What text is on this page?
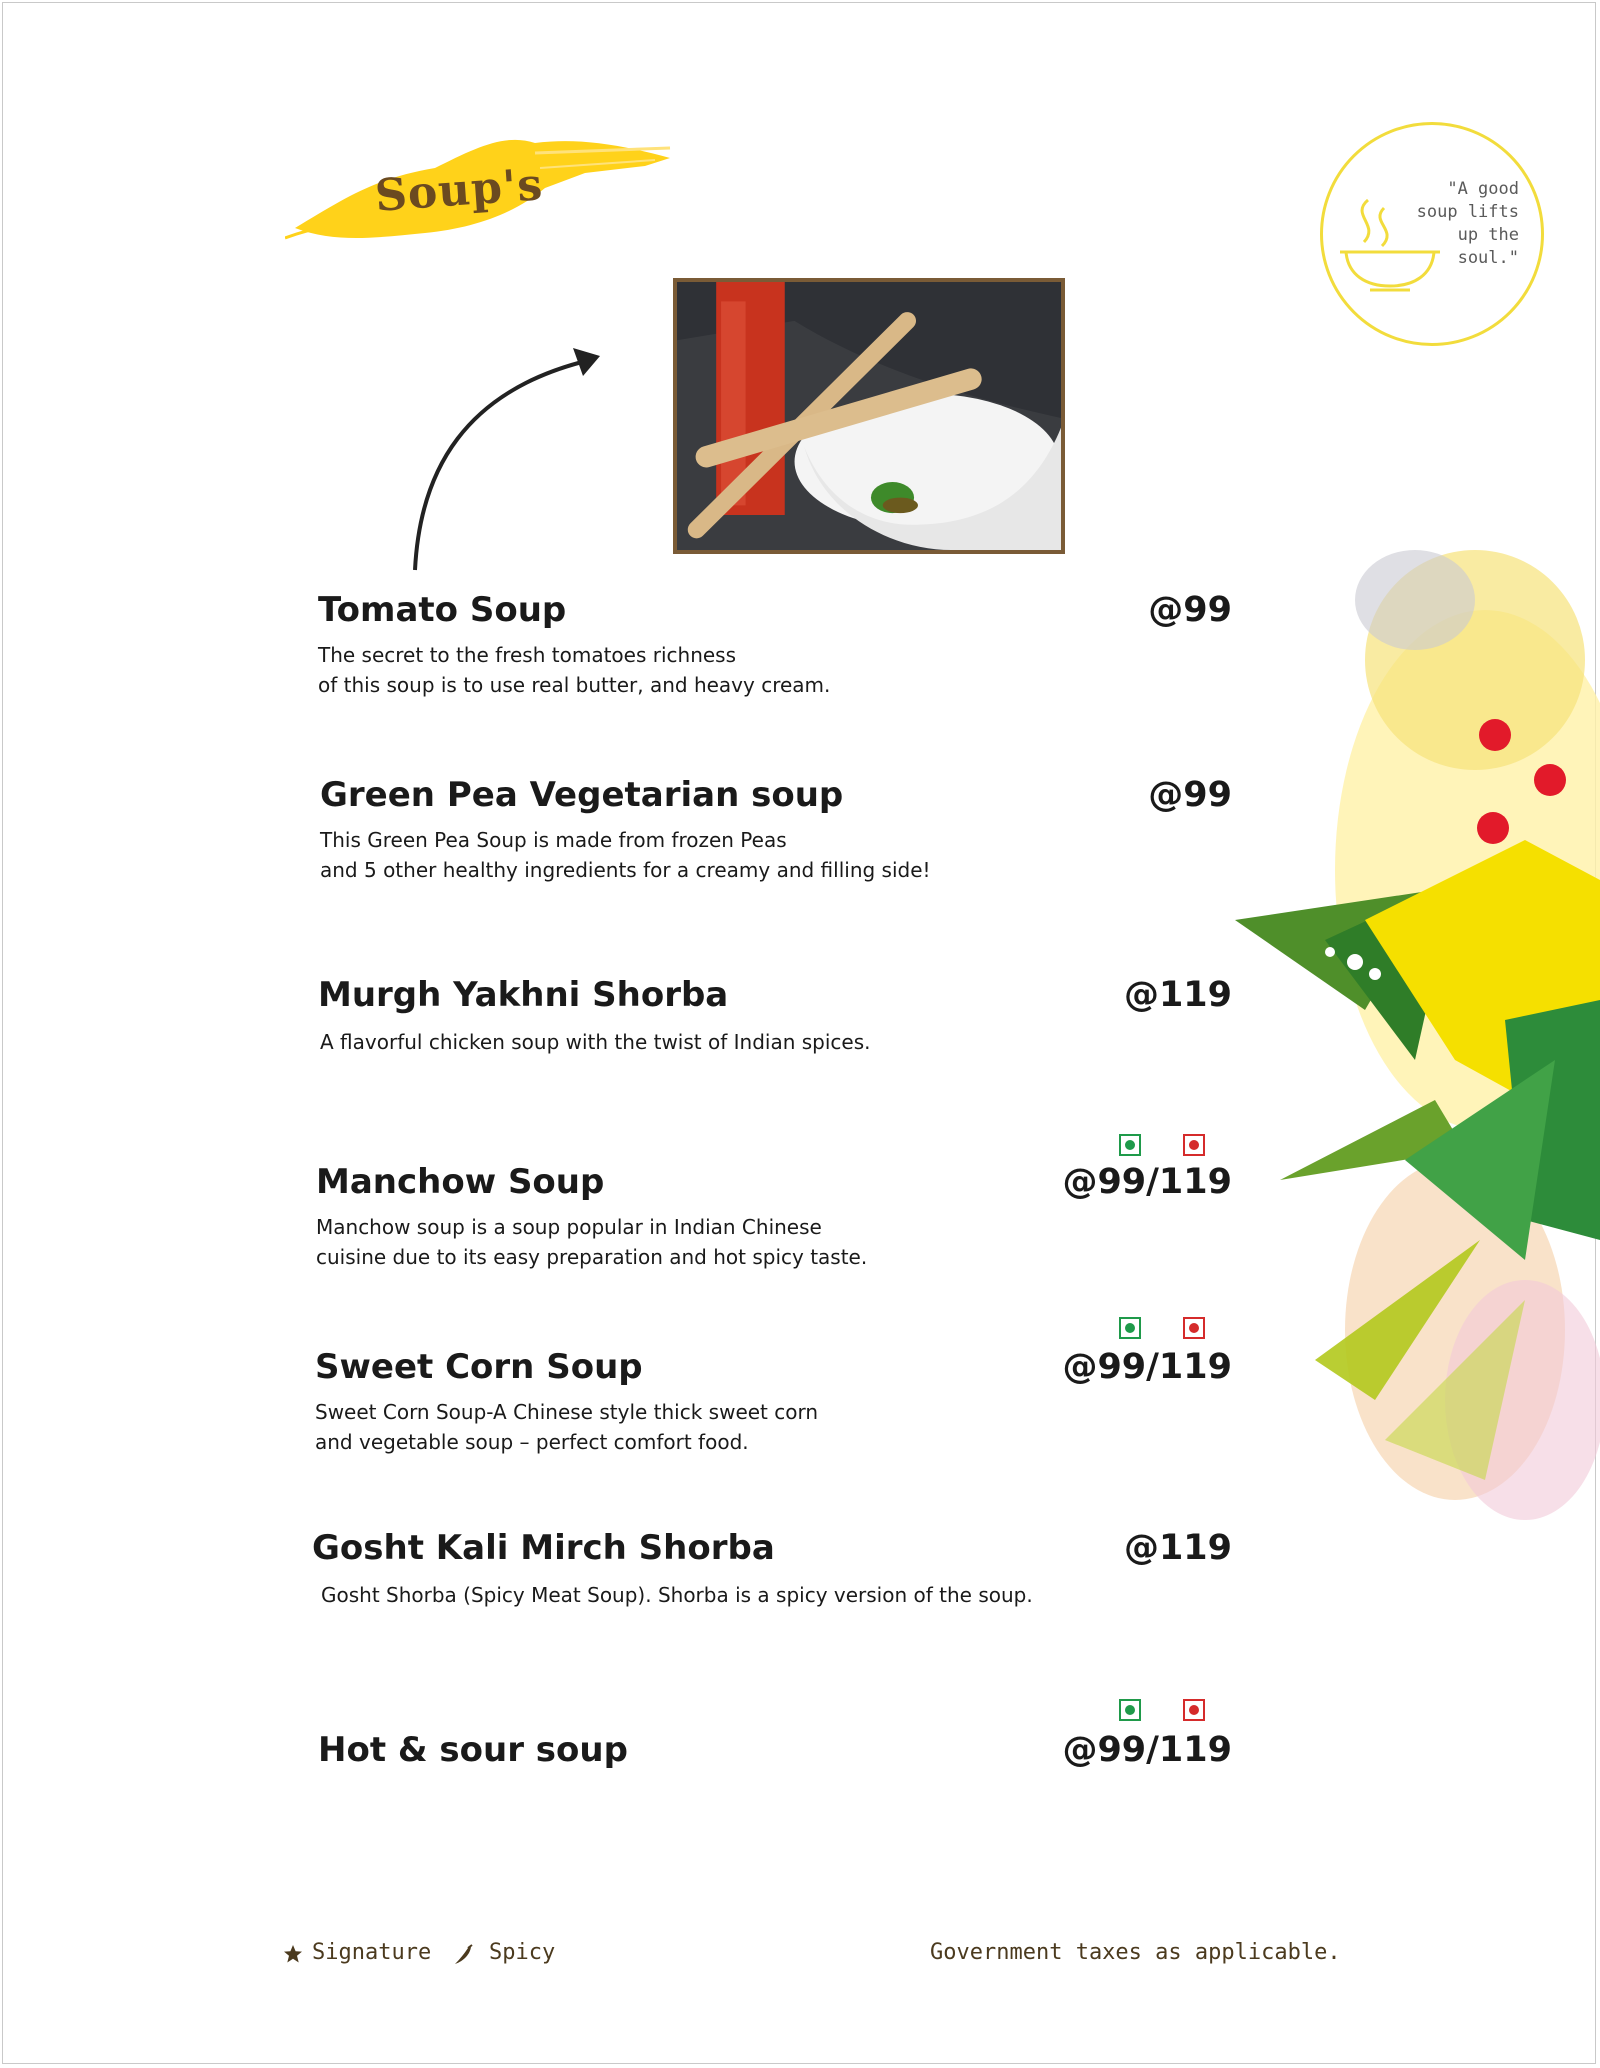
Soup's	"A good
soup lifts
up the
soul."
Tomato Soup	@99
The secret to the fresh tomatoes richness
of this soup is to use real butter, and heavy cream.
Green Pea Vegetarian soup	@99
This Green Pea Soup is made from frozen Peas
and 5 other healthy ingredients for a creamy and filling side!
Murgh Yakhni Shorba	@119
A flavorful chicken soup with the twist of Indian spices.
Manchow Soup	@99/119
Manchow soup is a soup popular in Indian Chinese
cuisine due to its easy preparation and hot spicy taste.
Sweet Corn Soup	@99/119
Sweet Corn Soup-A Chinese style thick sweet corn
and vegetable soup – perfect comfort food.
Gosht Kali Mirch Shorba	@119
Gosht Shorba (Spicy Meat Soup). Shorba is a spicy version of the soup.
Hot & sour soup	@99/119
Signature	Spicy	Government taxes as applicable.
